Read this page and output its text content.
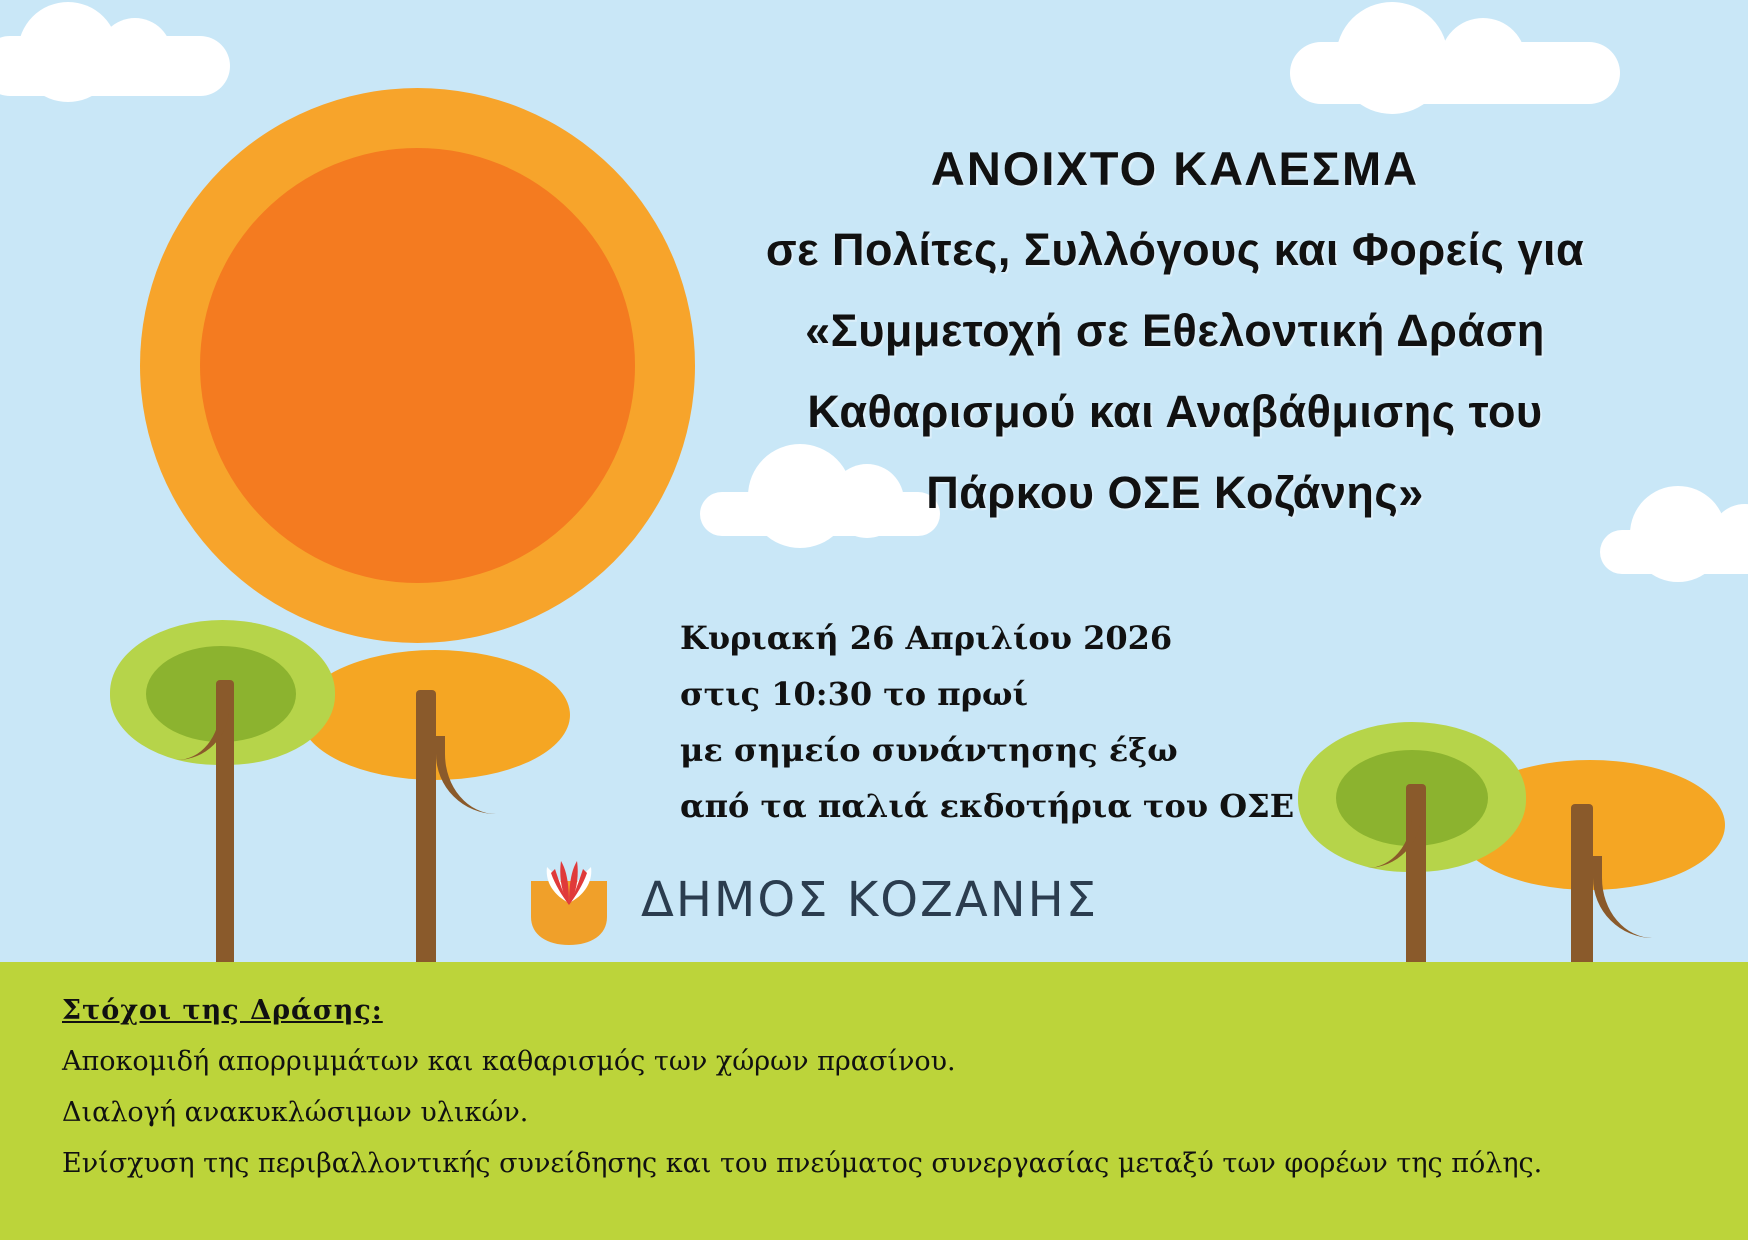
ΑΝΟΙΧΤΟ ΚΑΛΕΣΜΑ
σε Πολίτες, Συλλόγους και Φορείς για
«Συμμετοχή σε Εθελοντική Δράση
Καθαρισμού και Αναβάθμισης του
Πάρκου ΟΣΕ Κοζάνης»
Κυριακή 26 Απριλίου 2026
στις 10:30 το πρωί
με σημείο συνάντησης έξω
από τα παλιά εκδοτήρια του ΟΣΕ
ΔΗΜΟΣ ΚΟΖΑΝΗΣ
Στόχοι της Δράσης:
Αποκομιδή απορριμμάτων και καθαρισμός των χώρων πρασίνου.
Διαλογή ανακυκλώσιμων υλικών.
Ενίσχυση της περιβαλλοντικής συνείδησης και του πνεύματος συνεργασίας μεταξύ των φορέων της πόλης.
